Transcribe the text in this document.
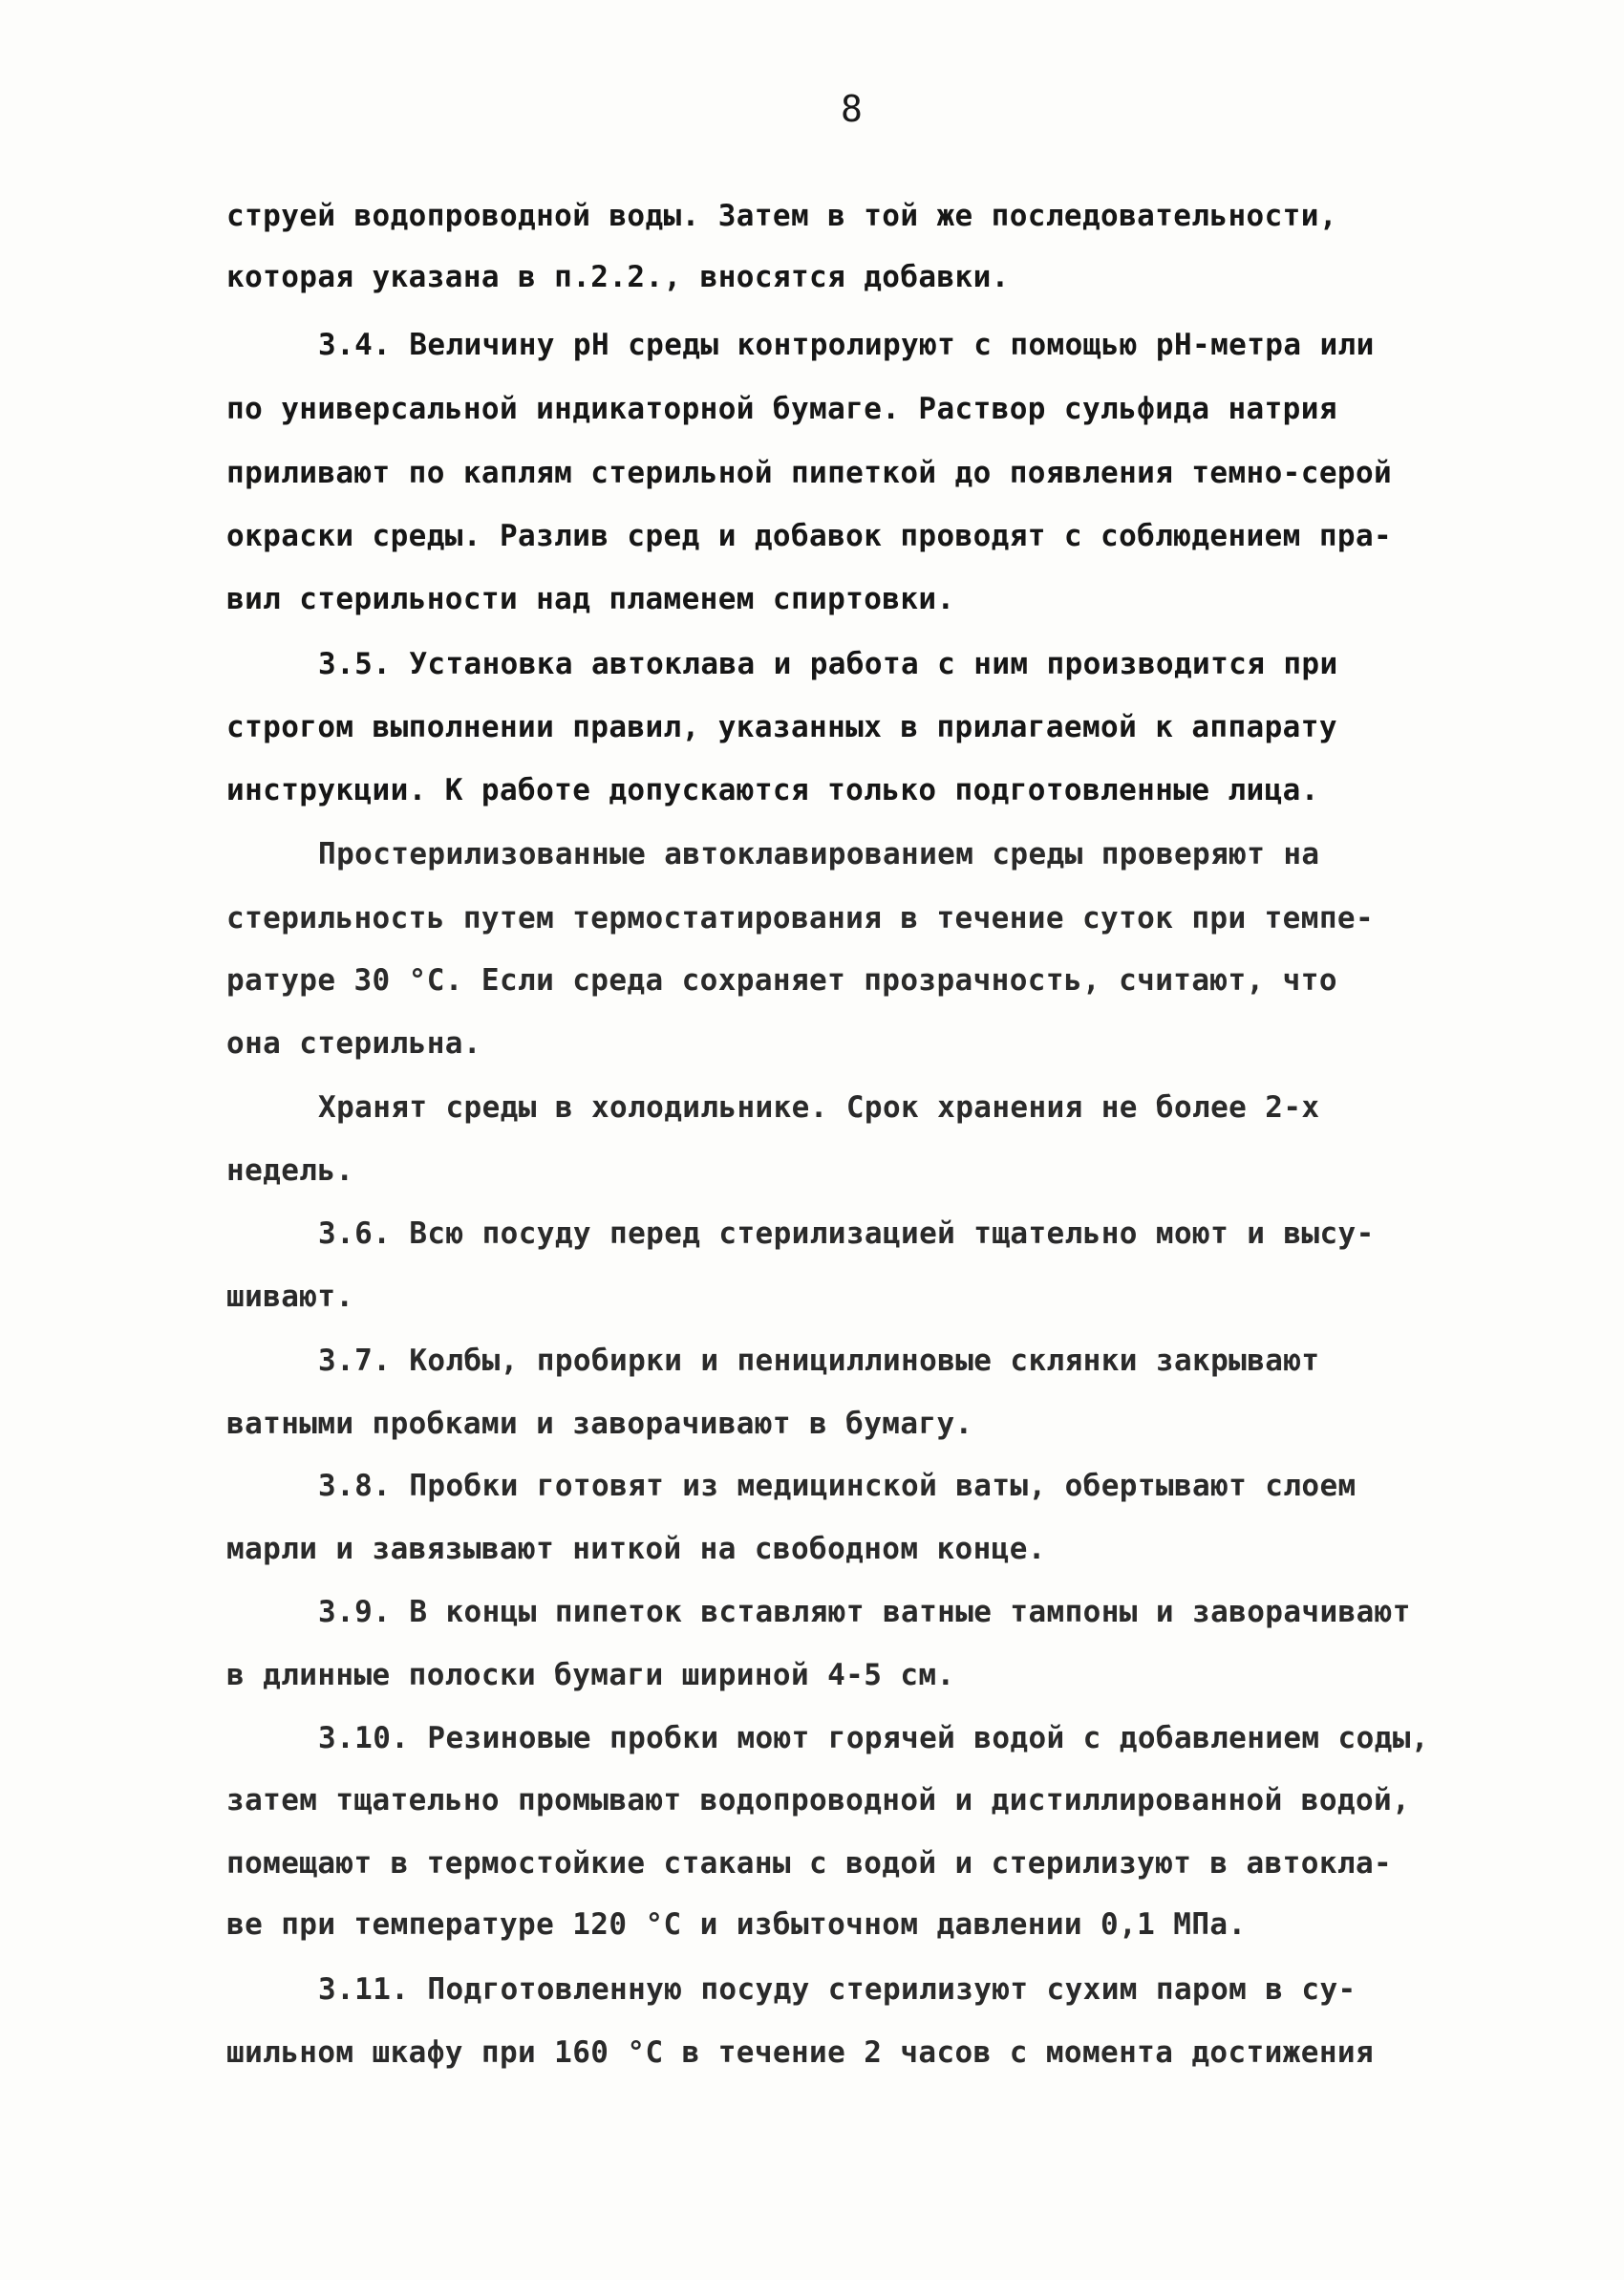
8
струей водопроводной воды. Затем в той же последовательности,
которая указана в п.2.2., вносятся добавки.
3.4. Величину pH среды контролируют с помощью pH-метра или
по универсальной индикаторной бумаге. Раствор сульфида натрия
приливают по каплям стерильной пипеткой до появления темно-серой
окраски среды. Разлив сред и добавок проводят с соблюдением пра-
вил стерильности над пламенем спиртовки.
3.5. Установка автоклава и работа с ним производится при
строгом выполнении правил, указанных в прилагаемой к аппарату
инструкции. К работе допускаются только подготовленные лица.
Простерилизованные автоклавированием среды проверяют на
стерильность путем термостатирования в течение суток при темпе-
ратуре 30 °С. Если среда сохраняет прозрачность, считают, что
она стерильна.
Хранят среды в холодильнике. Срок хранения не более 2-х
недель.
3.6. Всю посуду перед стерилизацией тщательно моют и высу-
шивают.
3.7. Колбы, пробирки и пенициллиновые склянки закрывают
ватными пробками и заворачивают в бумагу.
3.8. Пробки готовят из медицинской ваты, обертывают слоем
марли и завязывают ниткой на свободном конце.
3.9. В концы пипеток вставляют ватные тампоны и заворачивают
в длинные полоски бумаги шириной 4-5 см.
3.10. Резиновые пробки моют горячей водой с добавлением соды,
затем тщательно промывают водопроводной и дистиллированной водой,
помещают в термостойкие стаканы с водой и стерилизуют в автокла-
ве при температуре 120 °С и избыточном давлении 0,1 МПа.
3.11. Подготовленную посуду стерилизуют сухим паром в су-
шильном шкафу при 160 °С в течение 2 часов с момента достижения
